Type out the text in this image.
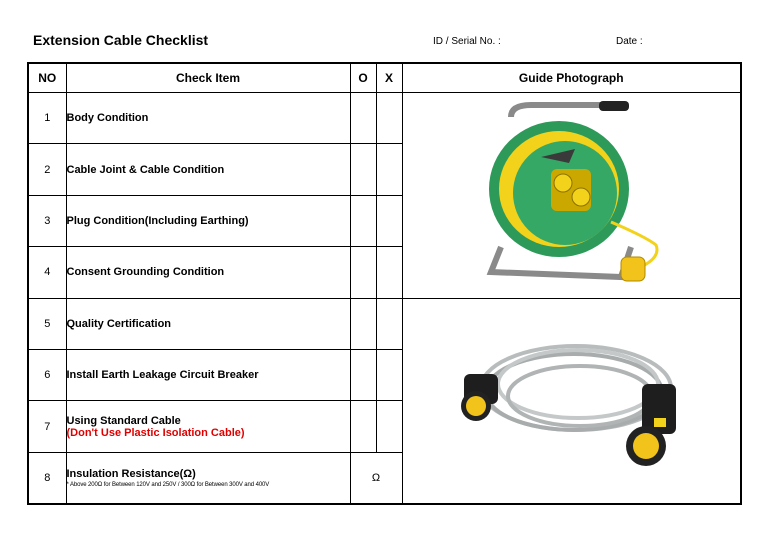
Extension Cable Checklist	ID / Serial No. :	Date :
NO	Check Item	O	X	Guide Photograph
1	Body Condition			

2	Cable Joint & Cable Condition			
3	Plug Condition(Including Earthing)			
4	Consent Grounding Condition			
5	Quality Certification			

6	Install Earth Leakage Circuit Breaker			
7	Using Standard Cable
(Don't Use Plastic Isolation Cable)			

8	Insulation Resistance(Ω)
* Above 200Ω for Between 120V and 250V / 300Ω for Between 300V and 400V	Ω		
